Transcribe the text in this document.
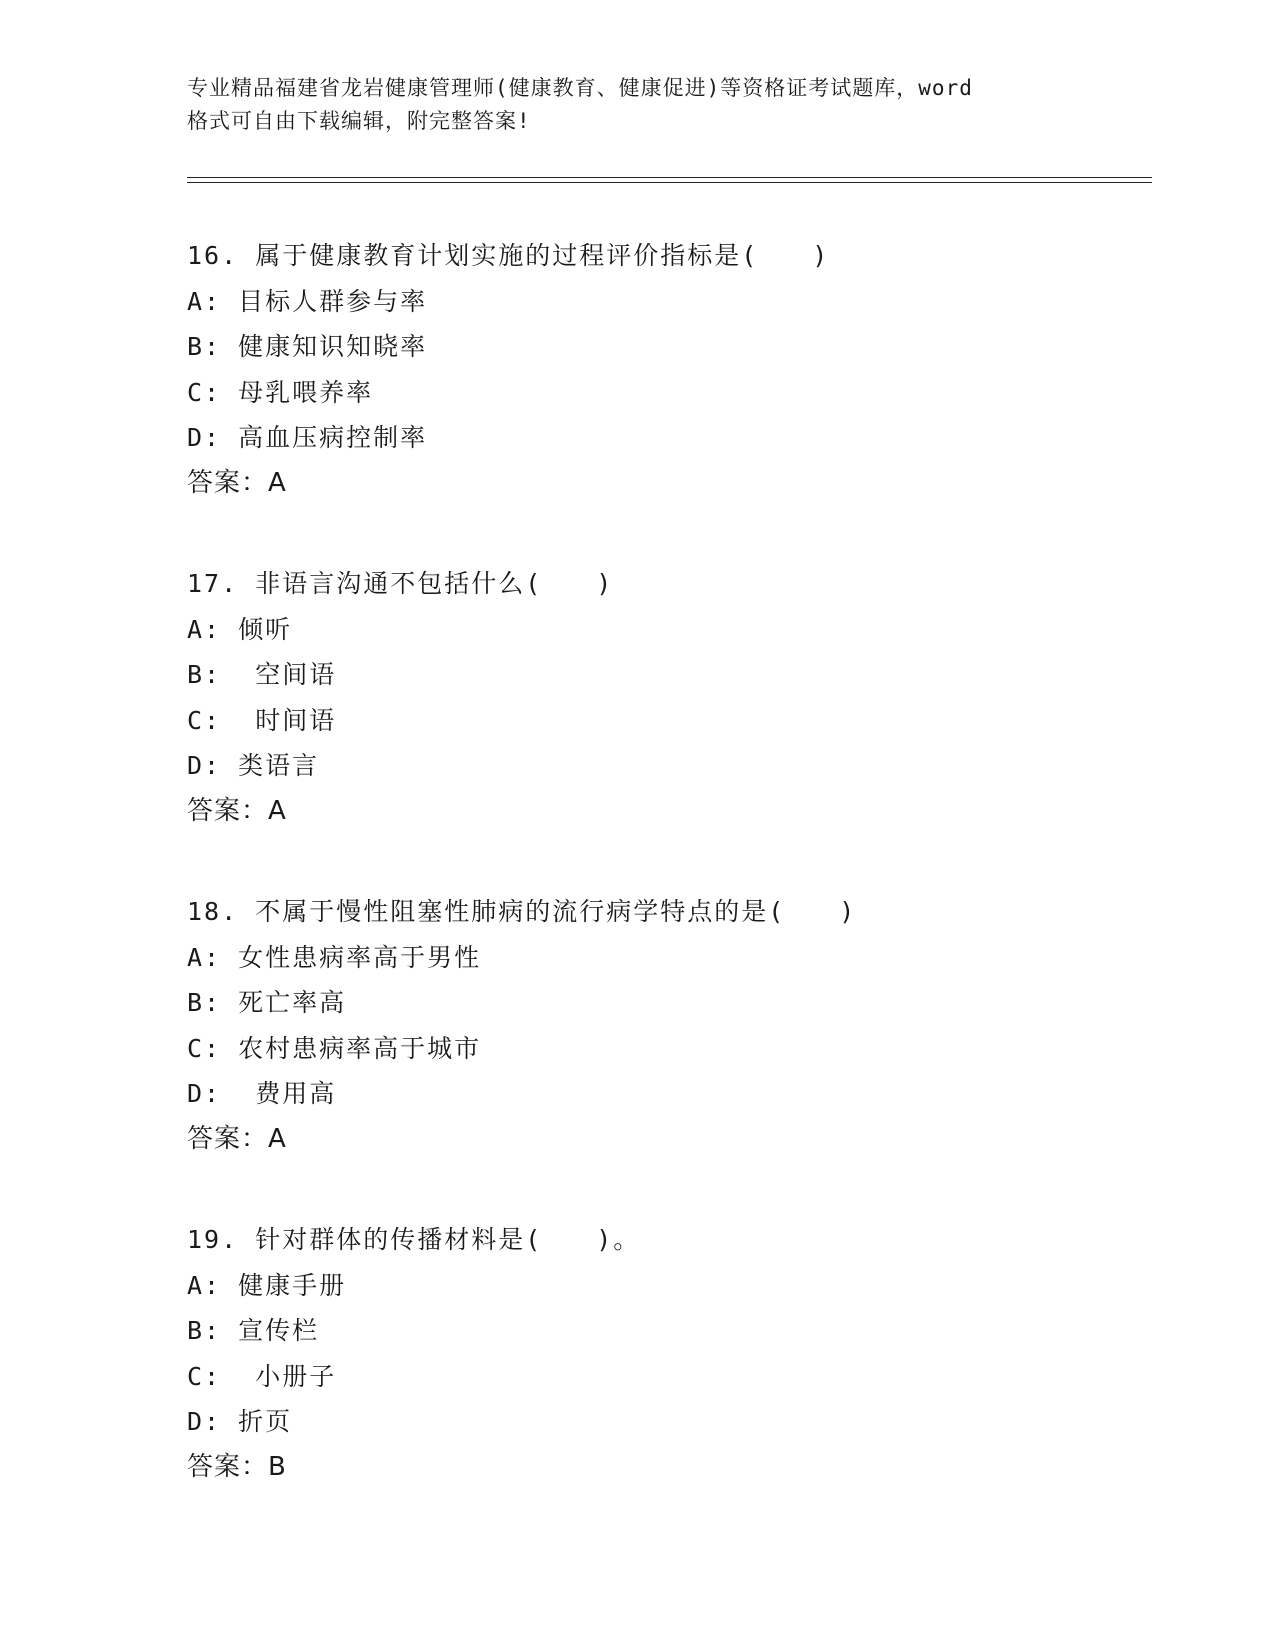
专业精品福建省龙岩健康管理师(健康教育、健康促进)等资格证考试题库，word
格式可自由下载编辑，附完整答案!
16. 属于健康教育计划实施的过程评价指标是(　　)
A: 目标人群参与率
B: 健康知识知晓率
C: 母乳喂养率
D: 高血压病控制率
答案：A
17. 非语言沟通不包括什么(　　)
A: 倾听
B:  空间语
C:  时间语
D: 类语言
答案：A
18. 不属于慢性阻塞性肺病的流行病学特点的是(　　)
A: 女性患病率高于男性
B: 死亡率高
C: 农村患病率高于城市
D:  费用高
答案：A
19. 针对群体的传播材料是(　　)。
A: 健康手册
B: 宣传栏
C:  小册子
D: 折页
答案：B
